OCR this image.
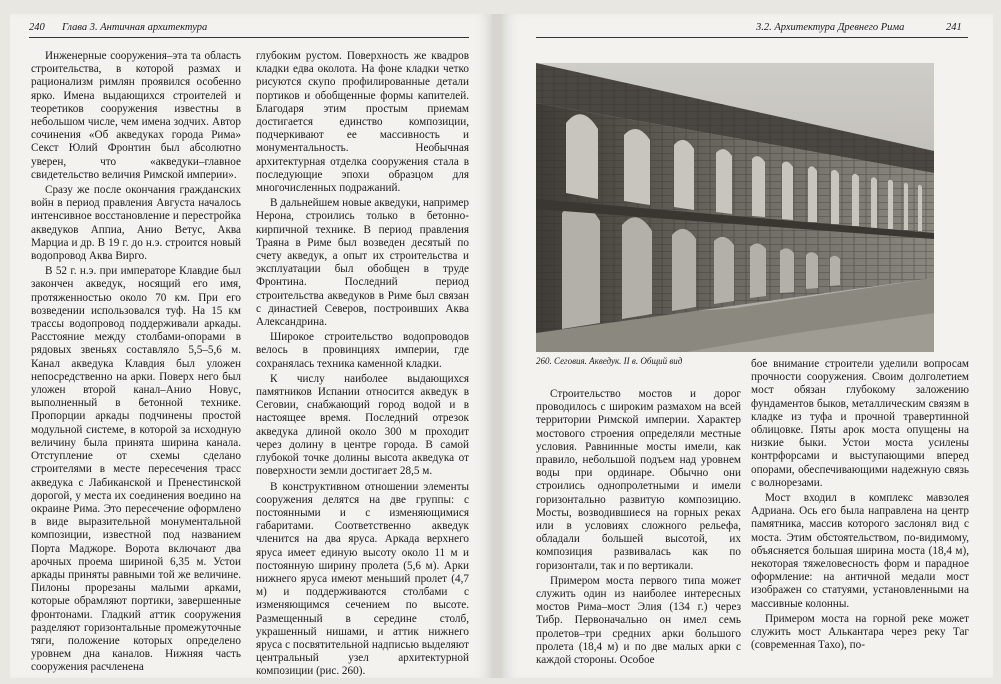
240 Глава 3. Античная архитектура	3.2. Архитектура Древнего Рима	241

Инженерные сооружения–эта та область строительства, в которой размах и рационализм римлян проявился особенно ярко. Имена выдающихся строителей и теоретиков сооружения известны в небольшом числе, чем имена зодчих. Автор сочинения «Об акведуках города Рима» Секст Юлий Фронтин был абсолютно уверен, что «акведуки–главное свидетельство величия Римской империи».

Сразу же после окончания гражданских войн в период правления Августа началось интенсивное восстановление и перестройка акведуков Аппиа, Анио Ветус, Аква Марциа и др. В 19 г. до н.э. строится новый водопровод Аква Вирго.

В 52 г. н.э. при императоре Клавдие был закончен акведук, носящий его имя, протяженностью около 70 км. При его возведении использовался туф. На 15 км трассы водопровод поддерживали аркады. Расстояние между столбами-опорами в рядовых звеньях составляло 5,5–5,6 м. Канал акведука Клавдия был уложен непосредственно на арки. Поверх него был уложен второй канал–Анио Новус, выполненный в бетонной технике. Пропорции аркады подчинены простой модульной системе, в которой за исходную величину была принята ширина канала. Отступление от схемы сделано строителями в месте пересечения трасс акведука с Лабиканской и Пренестинской дорогой, у места их соединения воедино на окраине Рима. Это пересечение оформлено в виде выразительной монументальной композиции, известной под названием Порта Маджоре. Ворота включают два арочных проема шириной 6,35 м. Устои аркады приняты равными той же величине. Пилоны прорезаны малыми арками, которые обрамляют портики, завершенные фронтонами. Гладкий аттик сооружения разделяют горизонтальные промежуточные тяги, положение которых определено уровнем дна каналов. Нижняя часть сооружения расчленена

глубоким рустом. Поверхность же квадров кладки едва околота. На фоне кладки четко рисуются скупо профилированные детали портиков и обобщенные формы капителей. Благодаря этим простым приемам достигается единство композиции, подчеркивают ее массивность и монументальность. Необычная архитектурная отделка сооружения стала в последующие эпохи образцом для многочисленных подражаний.

В дальнейшем новые акведуки, например Нерона, строились только в бетонно-кирпичной технике. В период правления Траяна в Риме был возведен десятый по счету акведук, а опыт их строительства и эксплуатации был обобщен в труде Фронтина. Последний период строительства акведуков в Риме был связан с династией Северов, построивших Аква Александрина.

Широкое строительство водопроводов велось в провинциях империи, где сохранялась техника каменной кладки.

К числу наиболее выдающихся памятников Испании относится акведук в Сеговии, снабжающий город водой и в настоящее время. Последний отрезок акведука длиной около 300 м проходит через долину в центре города. В самой глубокой точке долины высота акведука от поверхности земли достигает 28,5 м.

В конструктивном отношении элементы сооружения делятся на две группы: с постоянными и с изменяющимися габаритами. Соответственно акведук членится на два яруса. Аркада верхнего яруса имеет единую высоту около 11 м и постоянную ширину пролета (5,6 м). Арки нижнего яруса имеют меньший пролет (4,7 м) и поддерживаются столбами с изменяющимся сечением по высоте. Размещенный в середине столб, украшенный нишами, и аттик нижнего яруса с посвятительной надписью выделяют центральный узел архитектурной композиции (рис. 260).

260. Сеговия. Акведук. II в. Общий вид

Строительство мостов и дорог проводилось с широким размахом на всей территории Римской империи. Характер мостового строения определяли местные условия. Равнинные мосты имели, как правило, небольшой подъем над уровнем воды при ординаре. Обычно они строились однопролетными и имели горизонтально развитую композицию. Мосты, возводившиеся на горных реках или в условиях сложного рельефа, обладали большей высотой, их композиция развивалась как по горизонтали, так и по вертикали.

Примером моста первого типа может служить один из наиболее интересных мостов Рима–мост Элия (134 г.) через Тибр. Первоначально он имел семь пролетов–три средних арки большого пролета (18,4 м) и по две малых арки с каждой стороны. Особое

бое внимание строители уделили вопросам прочности сооружения. Своим долголетием мост обязан глубокому заложению фундаментов быков, металлическим связям в кладке из туфа и прочной травертинной облицовке. Пяты арок моста опущены на низкие быки. Устои моста усилены контрфорсами и выступающими вперед опорами, обеспечивающими надежную связь с волнорезами.

Мост входил в комплекс мавзолея Адриана. Ось его была направлена на центр памятника, массив которого заслонял вид с моста. Этим обстоятельством, по-видимому, объясняется большая ширина моста (18,4 м), некоторая тяжеловесность форм и парадное оформление: на античной медали мост изображен со статуями, установленными на массивные колонны.

Примером моста на горной реке может служить мост Алькантара через реку Таг (современная Тахо), по-
